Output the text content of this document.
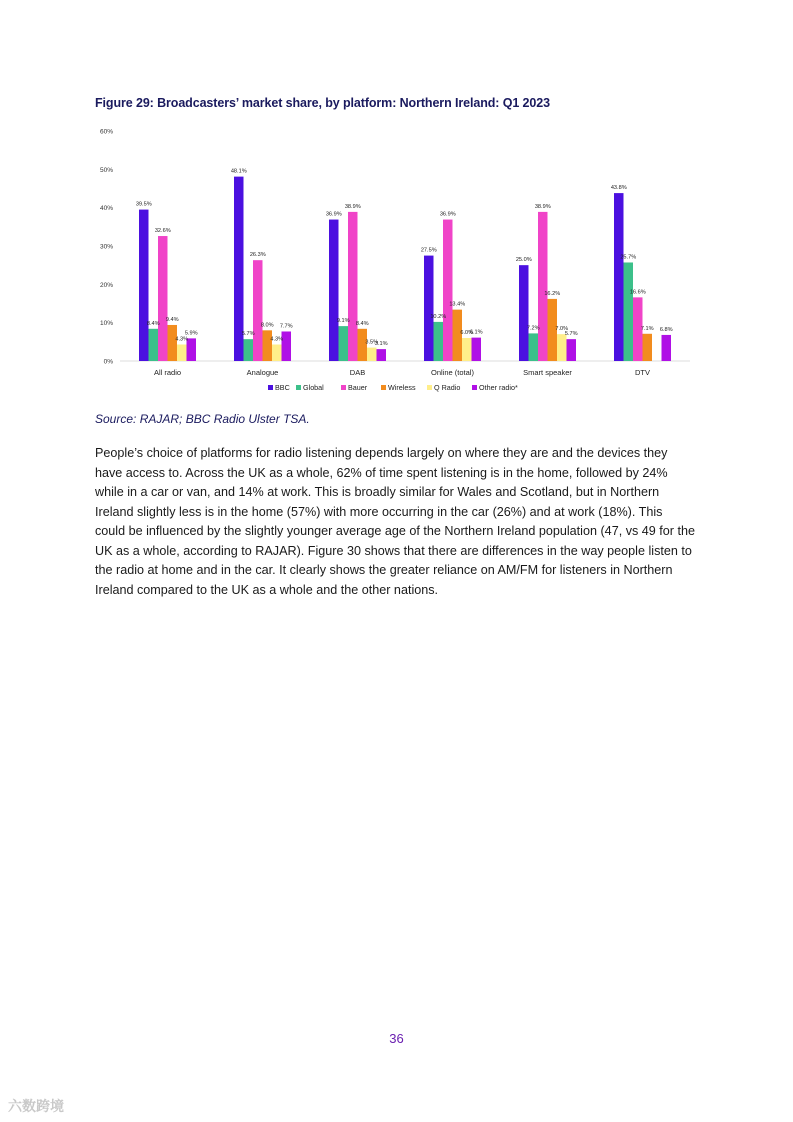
Figure 29: Broadcasters’ market share, by platform: Northern Ireland: Q1 2023
0%
10%
20%
30%
40%
50%
60%
All radio	Analogue	DAB	Online (total)	Smart speaker	DTV
39.5%
8.4%
32.6%
9.4%
4.3%
5.9%
48.1%
5.7%
26.3%
8.0%
4.3%
7.7%
36.9%
9.1%
38.9%
8.4%
3.5%
3.1%
27.5%
10.2%
36.9%
13.4%
6.0%
6.1%
25.0%
7.2%
38.9%
16.2%
7.0%
5.7%
43.8%
25.7%
16.6%
7.1% 6.8%
BBC Global	Bauer	Wireless	Q Radio	Other radio*
Source: RAJAR; BBC Radio Ulster TSA.
People’s choice of platforms for radio listening depends largely on where they are and the devices they have access to. Across the UK as a whole, 62% of time spent listening is in the home, followed by 24% while in a car or van, and 14% at work. This is broadly similar for Wales and Scotland, but in Northern Ireland slightly less is in the home (57%) with more occurring in the car (26%) and at work (18%). This could be influenced by the slightly younger average age of the Northern Ireland population (47, vs 49 for the UK as a whole, according to RAJAR). Figure 30 shows that there are differences in the way people listen to the radio at home and in the car. It clearly shows the greater reliance on AM/FM for listeners in Northern Ireland compared to the UK as a whole and the other nations.
36
六数跨境
